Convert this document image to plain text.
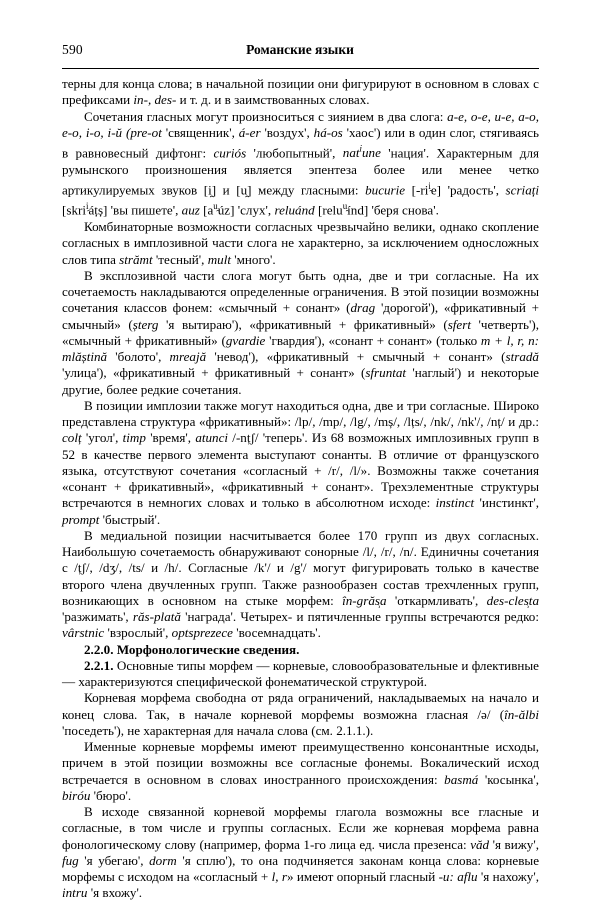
590	Романские языки

терны для конца слова; в начальной позиции они фигурируют в основном в словах с префиксами in-, des- и т. д. и в заимствованных словах.

Сочетания гласных могут произноситься с зиянием в два слога: a-e, o-e, и-e, a-o, e-o, i-o, i-ŭ (pre-ot 'священник', á-er 'воздух', há-os 'хаос') или в один слог, стягиваясь в равновесный дифтонг: curiós 'любопытный', nat$^i$une 'нация'. Характерным для румынского произношения является эпентеза более или менее четко артикулируемых звуков [i̯] и [u̯] между гласными: bucurie $[-ri^{i̯}e]$ 'радость', scriați [skri$^{i̯}$áțș] 'вы пишете', auz $[a^{u̯}úz]$ 'слух', reluánd [relu$^{u̯}$índ] 'беря снова'.

Комбинаторные возможности согласных чрезвычайно велики, однако скопление согласных в имплозивной части слога не характерно, за исключением односложных слов типа strămt 'тесный', mult 'много'.

В эксплозивной части слога могут быть одна, две и три согласные. На их сочетаемость накладываются определенные ограничения. В этой позиции возможны сочетания классов фонем: «смычный + сонант» (drag 'дорогой'), «фрикативный + смычный» (șterg 'я вытираю'), «фрикативный + фрикативный» (sfert 'четверть'), «смычный + фрикативный» (gvardie 'гвардия'), «сонант + сонант» (только m + l, r, n: mlăștină 'болото', mreajă 'невод'), «фрикативный + смычный + сонант» (stradă 'улица'), «фрикативный + фрикативный + сонант» (sfruntat 'наглый') и некоторые другие, более редкие сочетания.

В позиции имплозии также могут находиться одна, две и три согласные. Широко представлена структура «фрикативный»: /lp/, /mp/, /lg/, /mș/, /lțs/, /nk/, /nk'/, /nț/ и др.: colț 'угол', timp 'время', atunci /-nțʃ/ 'теперь'. Из 68 возможных имплозивных групп в 52 в качестве первого элемента выступают сонанты. В отличие от французского языка, отсутствуют сочетания «согласный + /r/, /l/». Возможны также сочетания «сонант + фрикативный», «фрикативный + сонант». Трехэлементные структуры встречаются в немногих словах и только в абсолютном исходе: instinct 'инстинкт', prompt 'быстрый'.

В медиальной позиции насчитывается более 170 групп из двух согласных. Наибольшую сочетаемость обнаруживают сонорные /l/, /r/, /n/. Единичны сочетания с /țʃ/, /dʒ/, /ts/ и /h/. Согласные /k'/ и /g'/ могут фигурировать только в качестве второго члена двучленных групп. Также разнообразен состав трехчленных групп, возникающих в основном на стыке морфем: în-grăs̹a 'откармливать', des-cles̹ta 'разжимать', răs-plată 'награда'. Четырех- и пятичленные группы встречаются редко: vârstnic 'взрослый', optsprezece 'восемнадцать'.

2.2.0. Морфонологические сведения.

2.2.1. Основные типы морфем — корневые, словообразовательные и флективные — характеризуются специфической фонематической структурой.

Корневая морфема свободна от ряда ограничений, накладываемых на начало и конец слова. Так, в начале корневой морфемы возможна гласная /ə/ (în-ălbi 'поседеть'), не характерная для начала слова (см. 2.1.1.).

Именные корневые морфемы имеют преимущественно консонантные исходы, причем в этой позиции возможны все согласные фонемы. Вокалический исход встречается в основном в словах иностранного происхождения: basmá 'косынка', biróu 'бюро'.

В исходе связанной корневой морфемы глагола возможны все гласные и согласные, в том числе и группы согласных. Если же корневая морфема равна фонологическому слову (например, форма 1-го лица ед. числа презенса: văd 'я вижу', fug 'я убегаю', dorm 'я сплю'), то она подчиняется законам конца слова: корневые морфемы с исходом на «согласный + l, r» имеют опорный гласный -u: aflu 'я нахожу', intru 'я вхожу'.
